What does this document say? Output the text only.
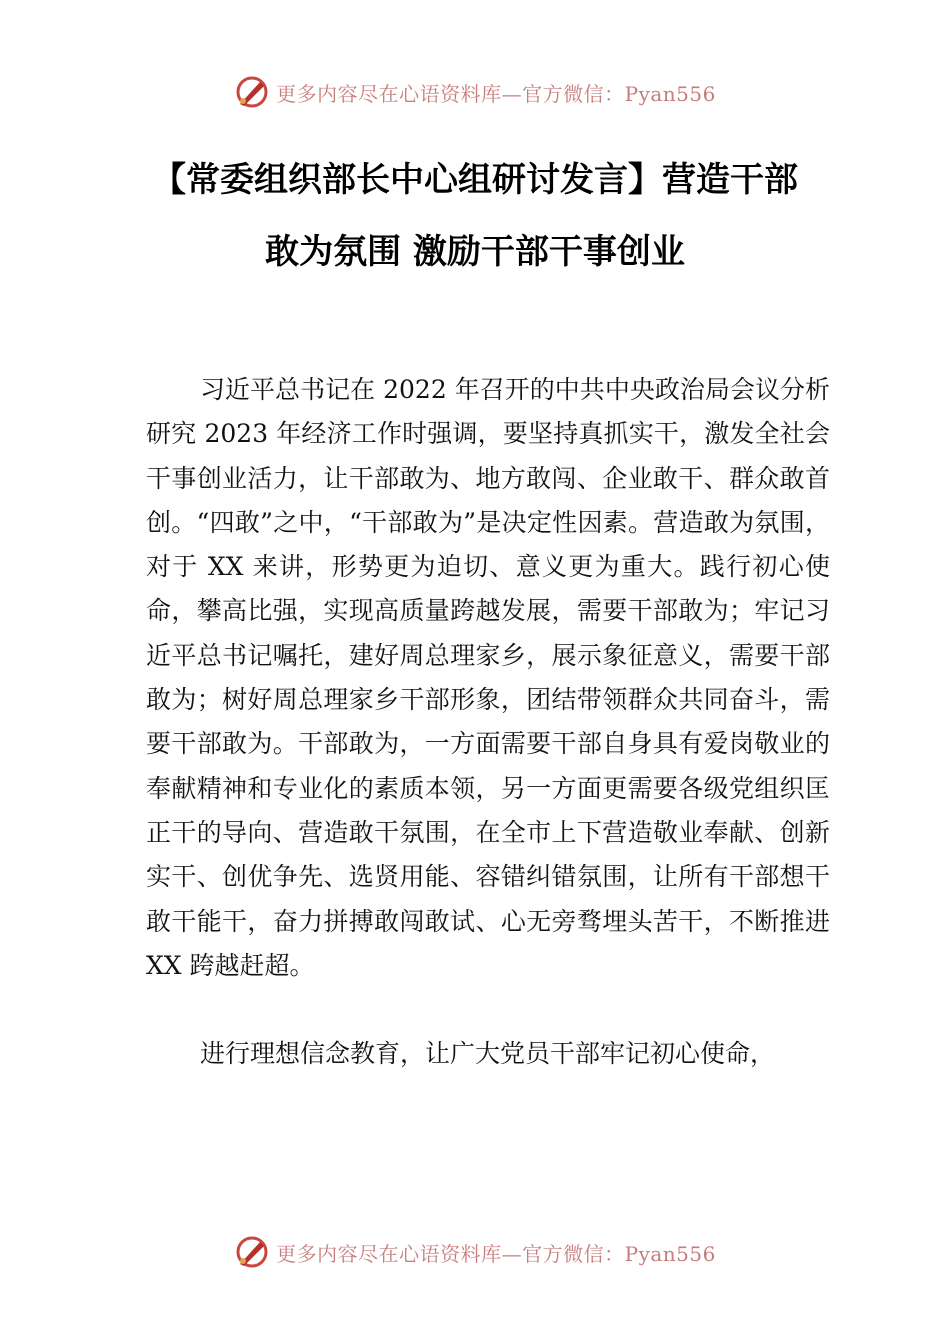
更多内容尽在心语资料库—官方微信：Pyan556
【常委组织部长中心组研讨发言】营造干部
敢为氛围 激励干部干事创业

习近平总书记在 2022 年召开的中共中央政治局会议分析研究 2023 年经济工作时强调，要坚持真抓实干，激发全社会干事创业活力，让干部敢为、地方敢闯、企业敢干、群众敢首创。“四敢”之中，“干部敢为”是决定性因素。营造敢为氛围，对于 XX 来讲，形势更为迫切、意义更为重大。践行初心使命，攀高比强，实现高质量跨越发展，需要干部敢为；牢记习近平总书记嘱托，建好周总理家乡，展示象征意义，需要干部敢为；树好周总理家乡干部形象，团结带领群众共同奋斗，需要干部敢为。干部敢为，一方面需要干部自身具有爱岗敬业的奉献精神和专业化的素质本领，另一方面更需要各级党组织匡正干的导向、营造敢干氛围，在全市上下营造敬业奉献、创新实干、创优争先、选贤用能、容错纠错氛围，让所有干部想干敢干能干，奋力拼搏敢闯敢试、心无旁骛埋头苦干，不断推进 XX 跨越赶超。

进行理想信念教育，让广大党员干部牢记初心使命，

更多内容尽在心语资料库—官方微信：Pyan556
